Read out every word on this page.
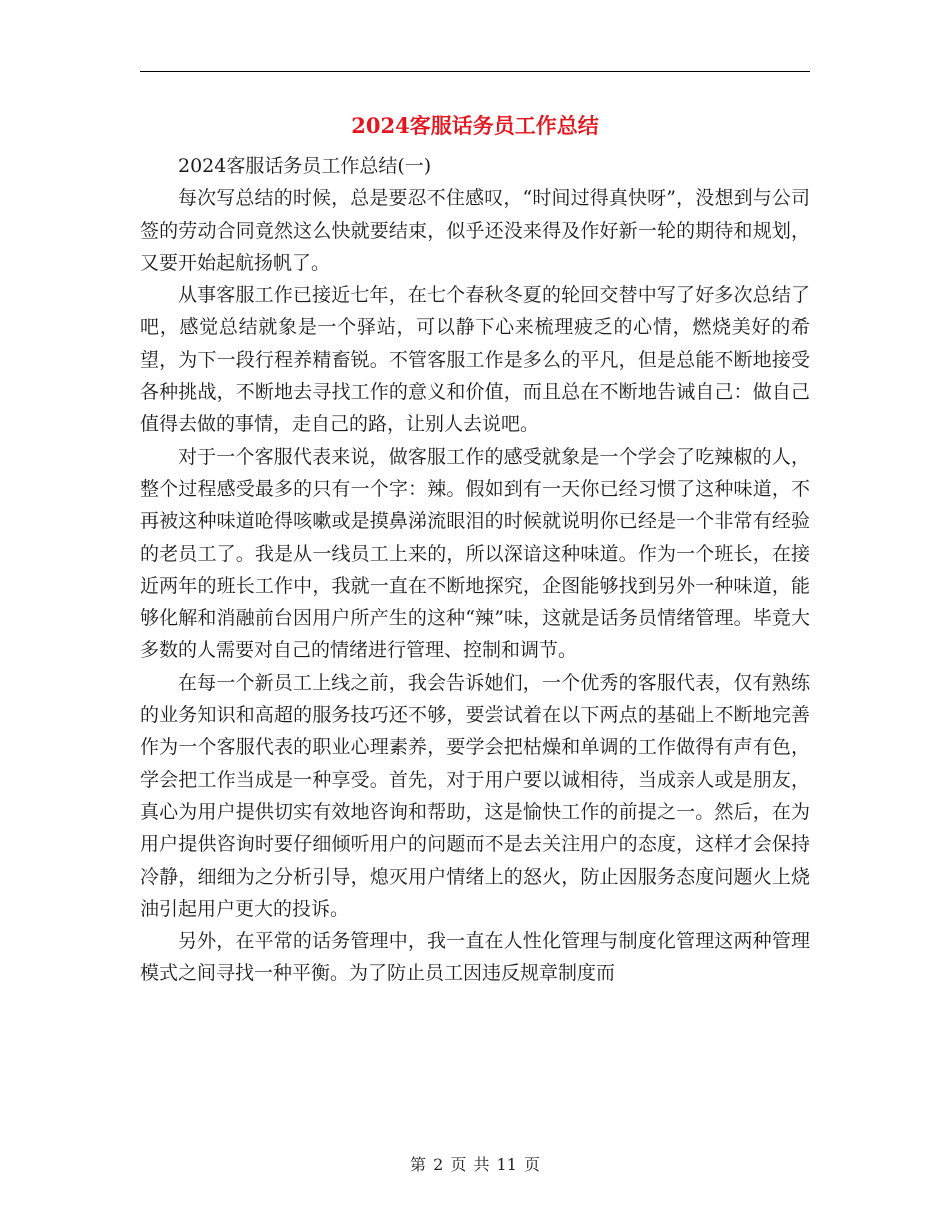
2024客服话务员工作总结

2024客服话务员工作总结(一)

每次写总结的时候，总是要忍不住感叹，“时间过得真快呀”，没想到与公司签的劳动合同竟然这么快就要结束，似乎还没来得及作好新一轮的期待和规划，又要开始起航扬帆了。

从事客服工作已接近七年，在七个春秋冬夏的轮回交替中写了好多次总结了吧，感觉总结就象是一个驿站，可以静下心来梳理疲乏的心情，燃烧美好的希望，为下一段行程养精畜锐。不管客服工作是多么的平凡，但是总能不断地接受各种挑战，不断地去寻找工作的意义和价值，而且总在不断地告诫自己：做自己值得去做的事情，走自己的路，让别人去说吧。

对于一个客服代表来说，做客服工作的感受就象是一个学会了吃辣椒的人，整个过程感受最多的只有一个字：辣。假如到有一天你已经习惯了这种味道，不再被这种味道呛得咳嗽或是摸鼻涕流眼泪的时候就说明你已经是一个非常有经验的老员工了。我是从一线员工上来的，所以深谙这种味道。作为一个班长，在接近两年的班长工作中，我就一直在不断地探究，企图能够找到另外一种味道，能够化解和消融前台因用户所产生的这种“辣”味，这就是话务员情绪管理。毕竟大多数的人需要对自己的情绪进行管理、控制和调节。

在每一个新员工上线之前，我会告诉她们，一个优秀的客服代表，仅有熟练的业务知识和高超的服务技巧还不够，要尝试着在以下两点的基础上不断地完善作为一个客服代表的职业心理素养，要学会把枯燥和单调的工作做得有声有色，学会把工作当成是一种享受。首先，对于用户要以诚相待，当成亲人或是朋友，真心为用户提供切实有效地咨询和帮助，这是愉快工作的前提之一。然后，在为用户提供咨询时要仔细倾听用户的问题而不是去关注用户的态度，这样才会保持冷静，细细为之分析引导，熄灭用户情绪上的怒火，防止因服务态度问题火上烧油引起用户更大的投诉。

另外，在平常的话务管理中，我一直在人性化管理与制度化管理这两种管理模式之间寻找一种平衡。为了防止员工因违反规章制度而

第 2 页 共 11 页
